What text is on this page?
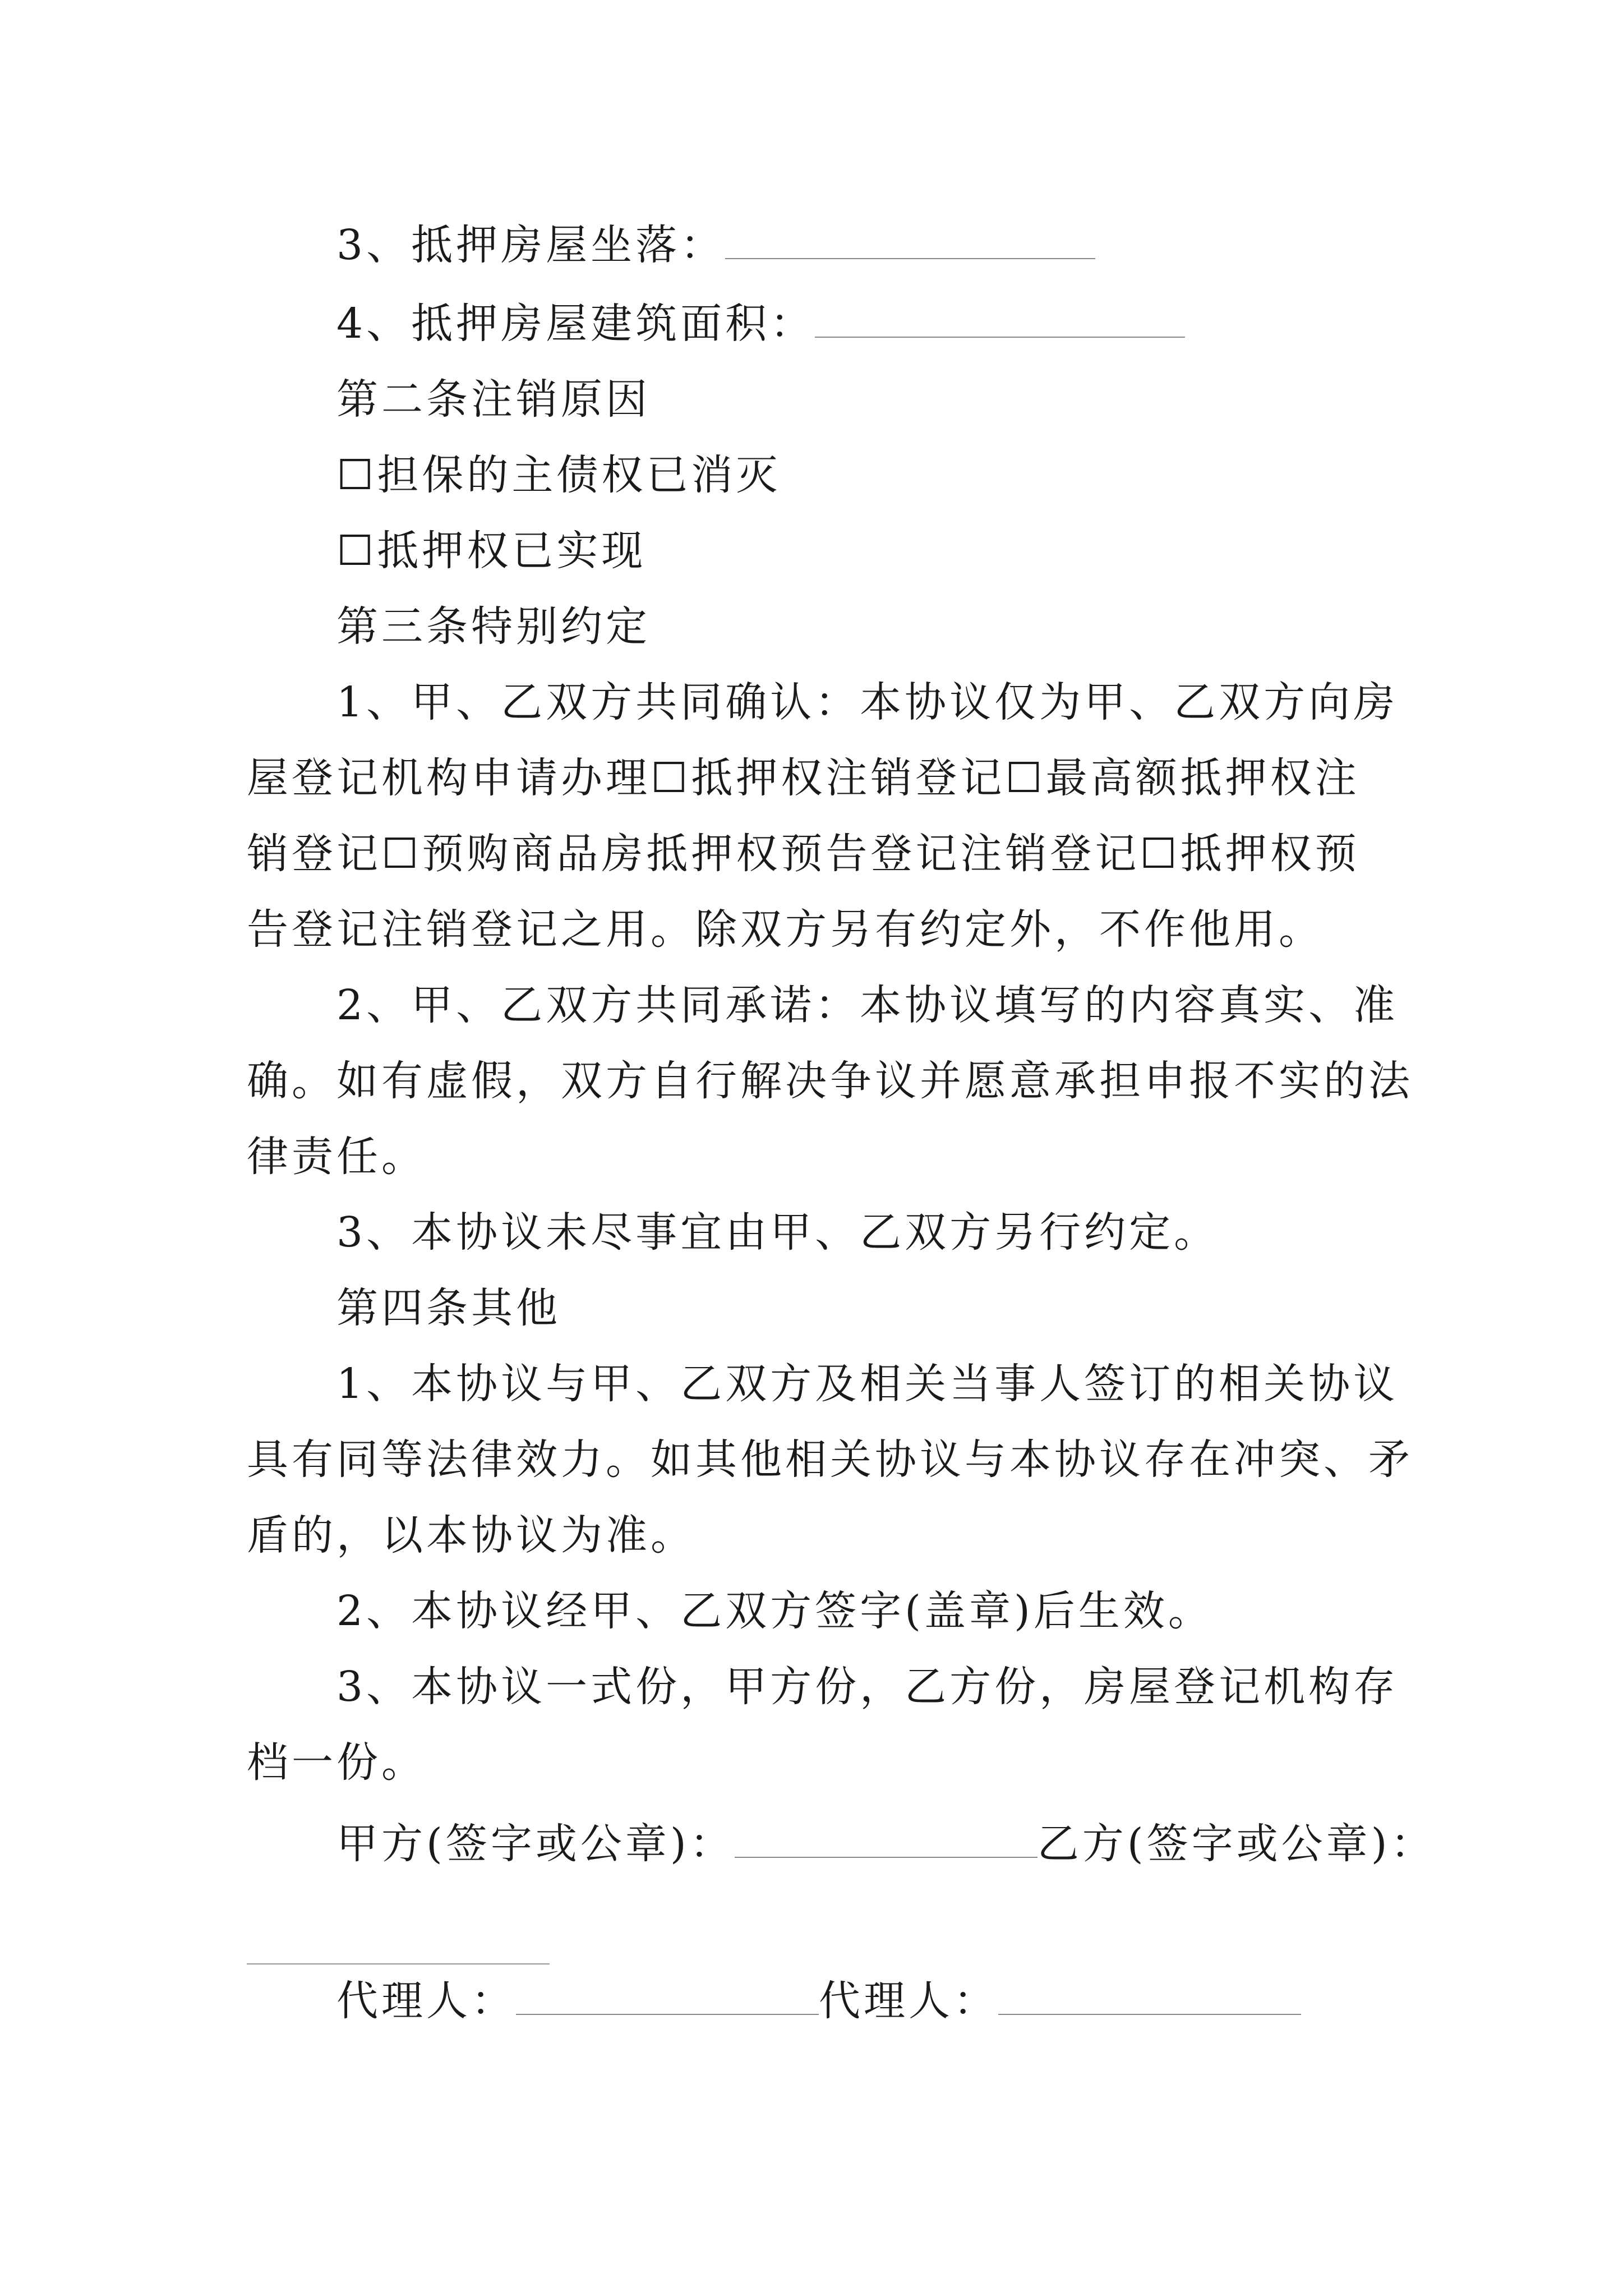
3、抵押房屋坐落：
4、抵押房屋建筑面积：
第二条注销原因
☐担保的主债权已消灭
☐抵押权已实现
第三条特别约定
1、甲、乙双方共同确认：本协议仅为甲、乙双方向房
屋登记机构申请办理☐抵押权注销登记☐最高额抵押权注
销登记☐预购商品房抵押权预告登记注销登记☐抵押权预
告登记注销登记之用。除双方另有约定外，不作他用。
2、甲、乙双方共同承诺：本协议填写的内容真实、准
确。如有虚假，双方自行解决争议并愿意承担申报不实的法
律责任。
3、本协议未尽事宜由甲、乙双方另行约定。
第四条其他
1、本协议与甲、乙双方及相关当事人签订的相关协议
具有同等法律效力。如其他相关协议与本协议存在冲突、矛
盾的，以本协议为准。
2、本协议经甲、乙双方签字(盖章)后生效。
3、本协议一式份，甲方份，乙方份，房屋登记机构存
档一份。
甲方(签字或公章)：	乙方(签字或公章)：
代理人：	代理人：
